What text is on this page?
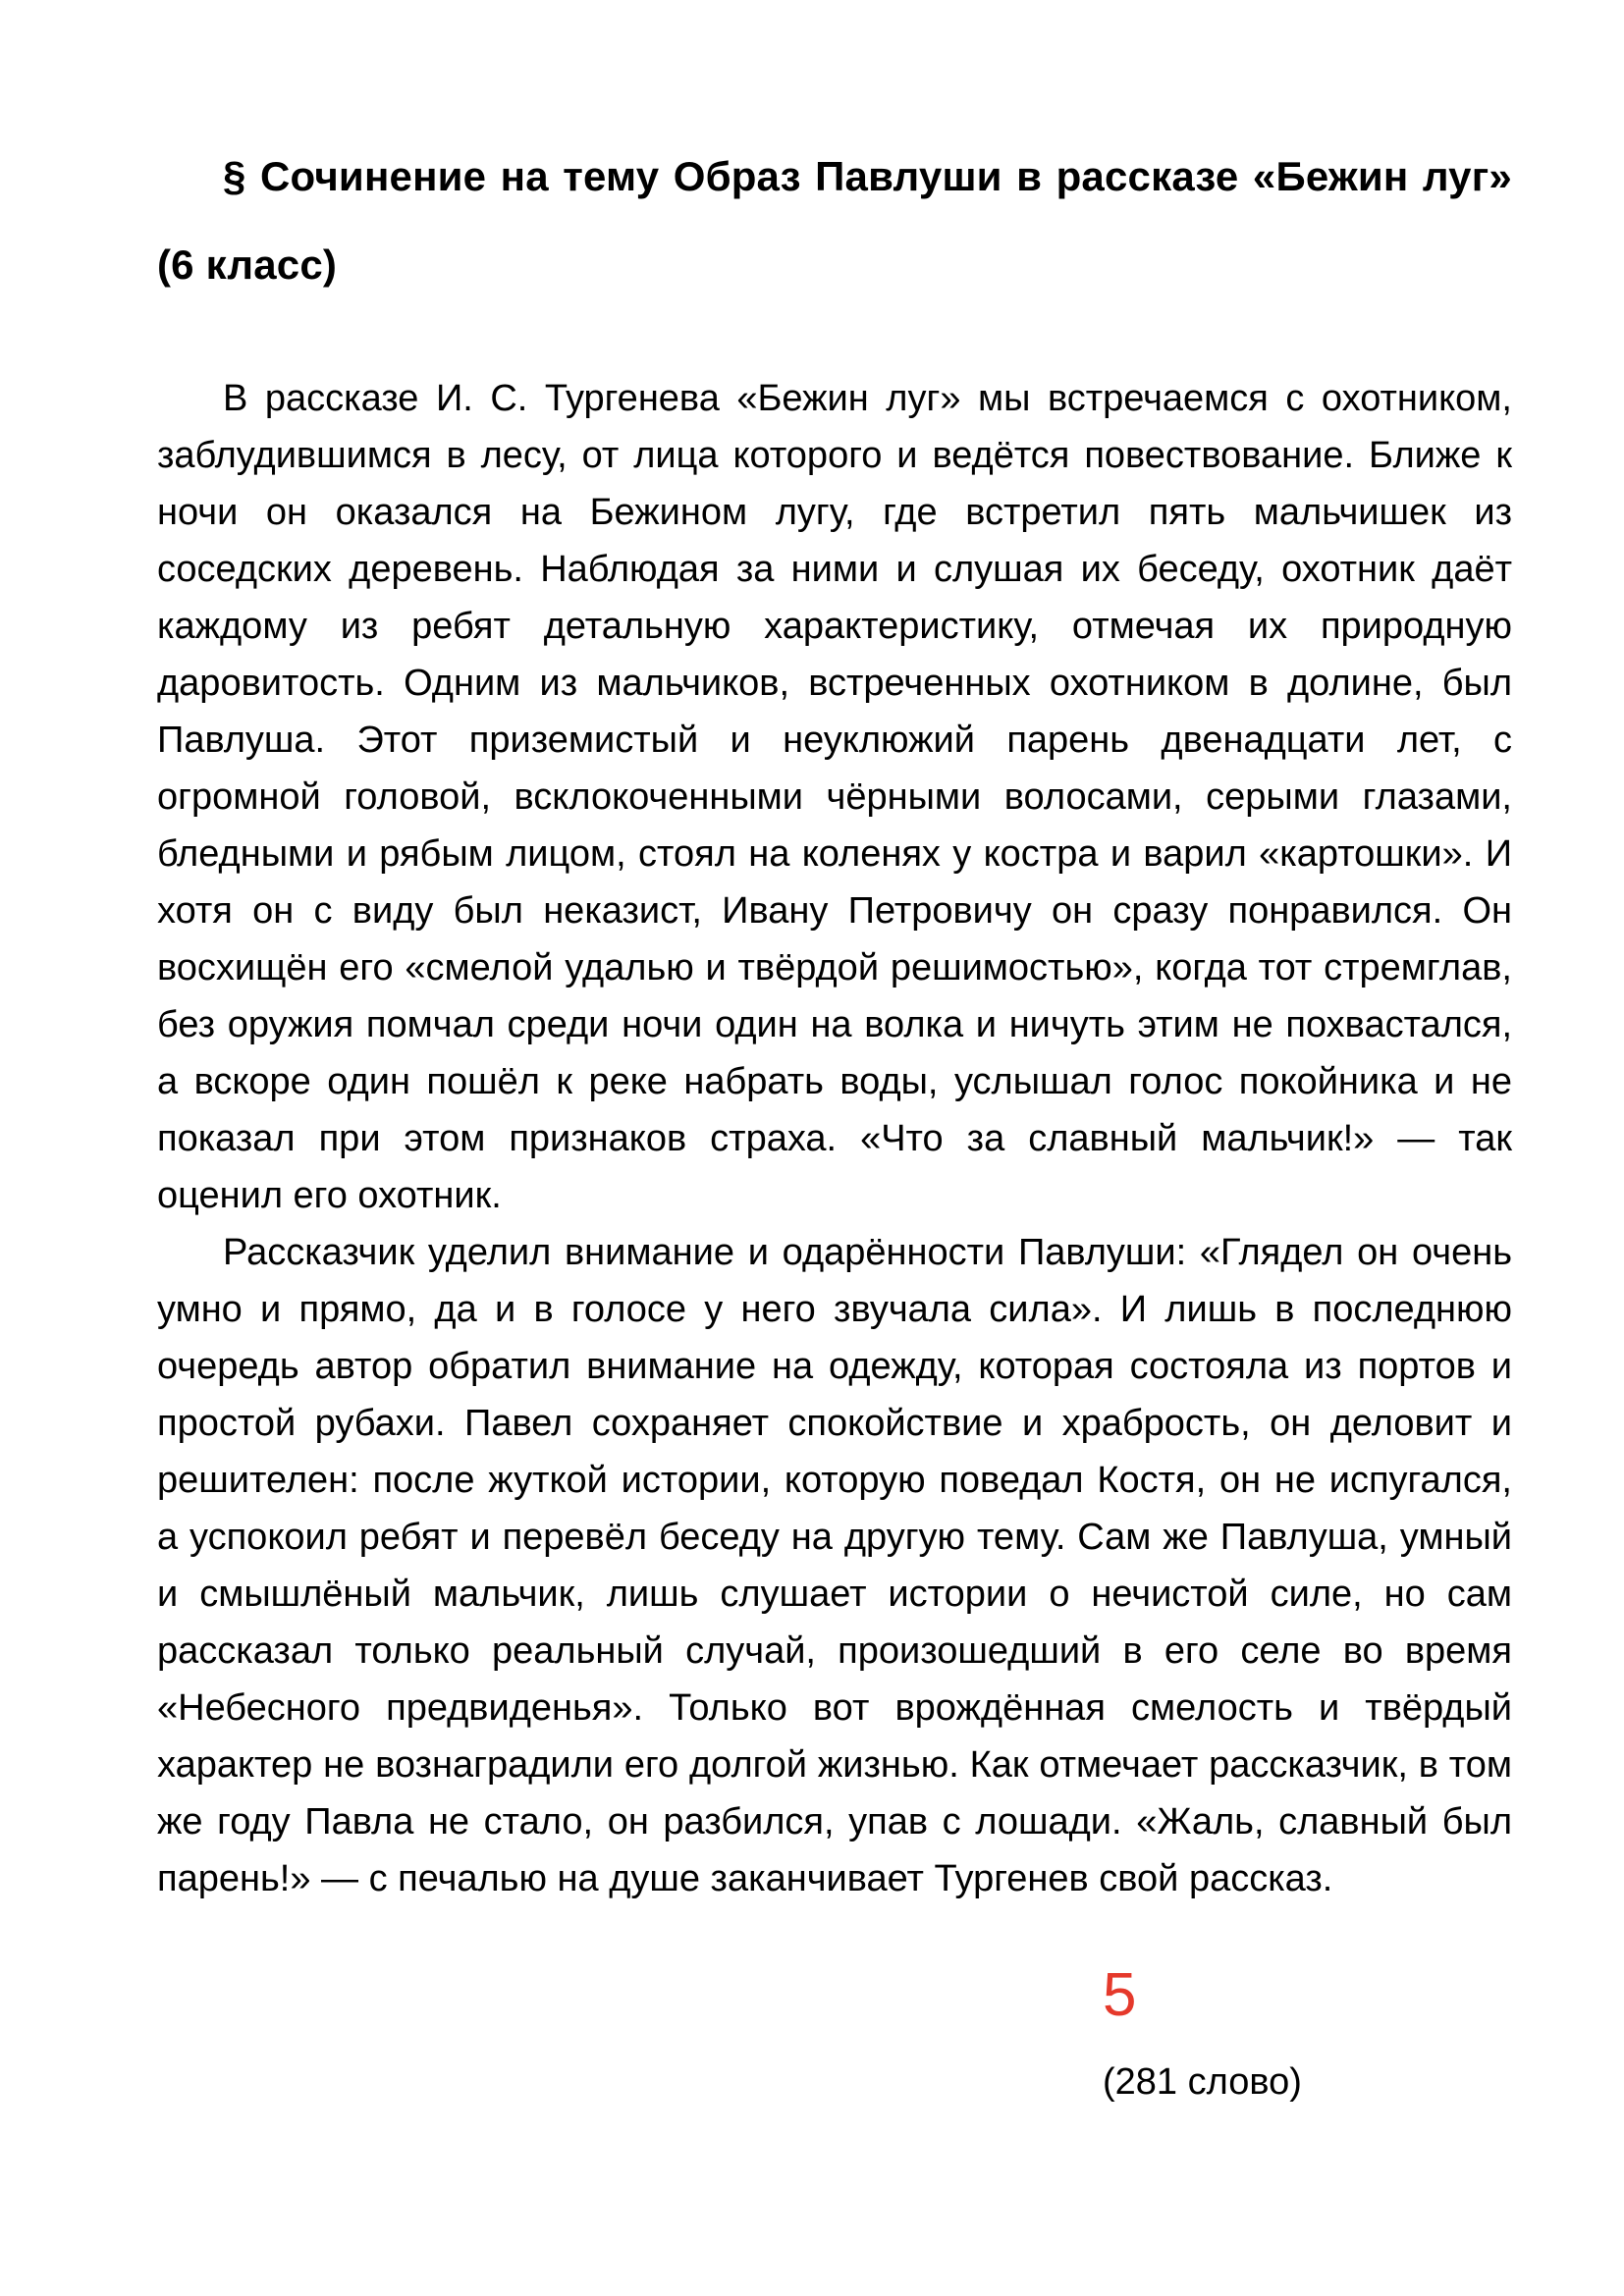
§ Сочинение на тему Образ Павлуши в рассказе «Бежин луг» (6 класс)

В рассказе И. С. Тургенева «Бежин луг» мы встречаемся с охотником, заблудившимся в лесу, от лица которого и ведётся повествование. Ближе к ночи он оказался на Бежином лугу, где встретил пять мальчишек из соседских деревень. Наблюдая за ними и слушая их беседу, охотник даёт каждому из ребят детальную характеристику, отмечая их природную даровитость. Одним из мальчиков, встреченных охотником в долине, был Павлуша. Этот приземистый и неуклюжий парень двенадцати лет, с огромной головой, всклокоченными чёрными волосами, серыми глазами, бледными и рябым лицом, стоял на коленях у костра и варил «картошки». И хотя он с виду был неказист, Ивану Петровичу он сразу понравился. Он восхищён его «смелой удалью и твёрдой решимостью», когда тот стремглав, без оружия помчал среди ночи один на волка и ничуть этим не похвастался, а вскоре один пошёл к реке набрать воды, услышал голос покойника и не показал при этом признаков страха. «Что за славный мальчик!» — так оценил его охотник.

Рассказчик уделил внимание и одарённости Павлуши: «Глядел он очень умно и прямо, да и в голосе у него звучала сила». И лишь в последнюю очередь автор обратил внимание на одежду, которая состояла из портов и простой рубахи. Павел сохраняет спокойствие и храбрость, он деловит и решителен: после жуткой истории, которую поведал Костя, он не испугался, а успокоил ребят и перевёл беседу на другую тему. Сам же Павлуша, умный и смышлёный мальчик, лишь слушает истории о нечистой силе, но сам рассказал только реальный случай, произошедший в его селе во время «Небесного предвиденья». Только вот врождённая смелость и твёрдый характер не вознаградили его долгой жизнью. Как отмечает рассказчик, в том же году Павла не стало, он разбился, упав с лошади. «Жаль, славный был парень!» — с печалью на душе заканчивает Тургенев свой рассказ.

5
(281 слово)
